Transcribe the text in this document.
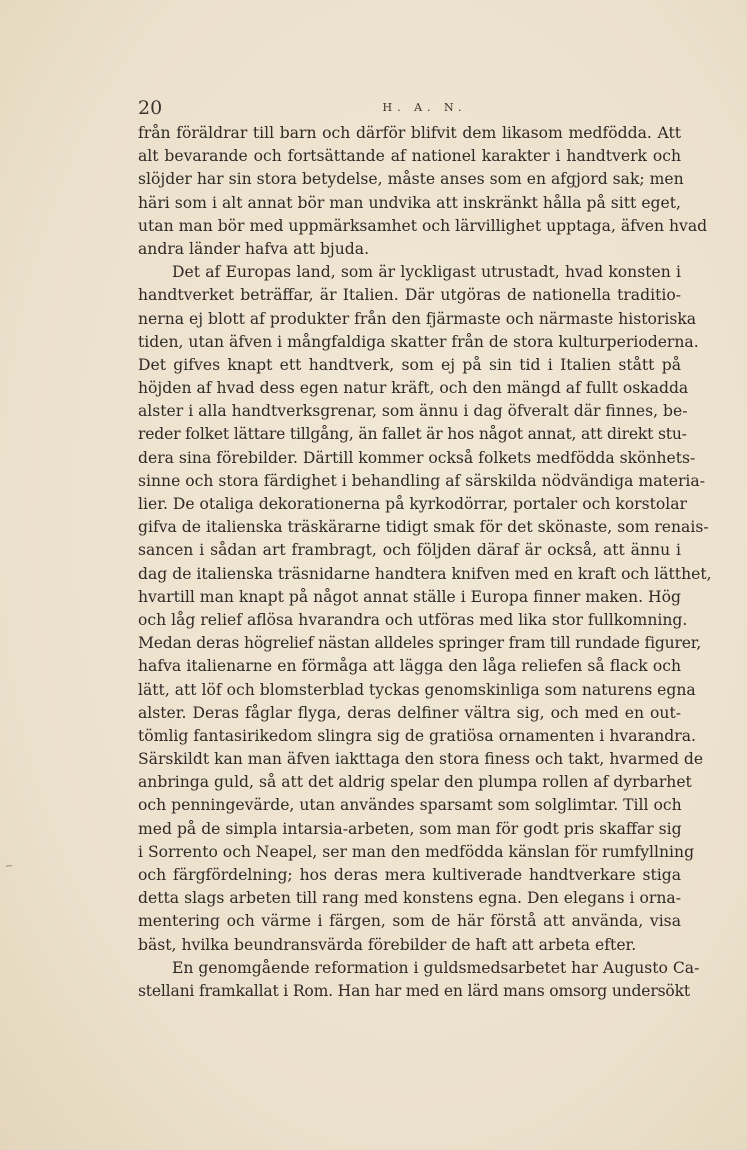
20	H. A. N.
från föräldrar till barn och därför blifvit dem likasom medfödda. Att
alt bevarande och fortsättande af nationel karakter i handtverk och
slöjder har sin stora betydelse, måste anses som en afgjord sak; men
häri som i alt annat bör man undvika att inskränkt hålla på sitt eget,
utan man bör med uppmärksamhet och lärvillighet upptaga, äfven hvad
andra länder hafva att bjuda.
Det af Europas land, som är lyckligast utrustadt, hvad konsten i
handtverket beträffar, är Italien. Där utgöras de nationella traditio-
nerna ej blott af produkter från den fjärmaste och närmaste historiska
tiden, utan äfven i mångfaldiga skatter från de stora kulturperioderna.
Det gifves knapt ett handtverk, som ej på sin tid i Italien stått på
höjden af hvad dess egen natur kräft, och den mängd af fullt oskadda
alster i alla handtverksgrenar, som ännu i dag öfveralt där finnes, be-
reder folket lättare tillgång, än fallet är hos något annat, att direkt stu-
dera sina förebilder. Därtill kommer också folkets medfödda skönhets-
sinne och stora färdighet i behandling af särskilda nödvändiga materia-
lier. De otaliga dekorationerna på kyrkodörrar, portaler och korstolar
gifva de italienska träskärarne tidigt smak för det skönaste, som renais-
sancen i sådan art frambragt, och följden däraf är också, att ännu i
dag de italienska träsnidarne handtera knifven med en kraft och lätthet,
hvartill man knapt på något annat ställe i Europa finner maken. Hög
och låg relief aflösa hvarandra och utföras med lika stor fullkomning.
Medan deras högrelief nästan alldeles springer fram till rundade figurer,
hafva italienarne en förmåga att lägga den låga reliefen så flack och
lätt, att löf och blomsterblad tyckas genomskinliga som naturens egna
alster. Deras fåglar flyga, deras delfiner vältra sig, och med en out-
tömlig fantasirikedom slingra sig de gratiösa ornamenten i hvarandra.
Särskildt kan man äfven iakttaga den stora finess och takt, hvarmed de
anbringa guld, så att det aldrig spelar den plumpa rollen af dyrbarhet
och penningevärde, utan användes sparsamt som solglimtar. Till och
med på de simpla intarsia-arbeten, som man för godt pris skaffar sig
i Sorrento och Neapel, ser man den medfödda känslan för rumfyllning
och färgfördelning; hos deras mera kultiverade handtverkare stiga
detta slags arbeten till rang med konstens egna. Den elegans i orna-
mentering och värme i färgen, som de här förstå att använda, visa
bäst, hvilka beundransvärda förebilder de haft att arbeta efter.
En genomgående reformation i guldsmedsarbetet har Augusto Ca-
stellani framkallat i Rom. Han har med en lärd mans omsorg undersökt
⸝
